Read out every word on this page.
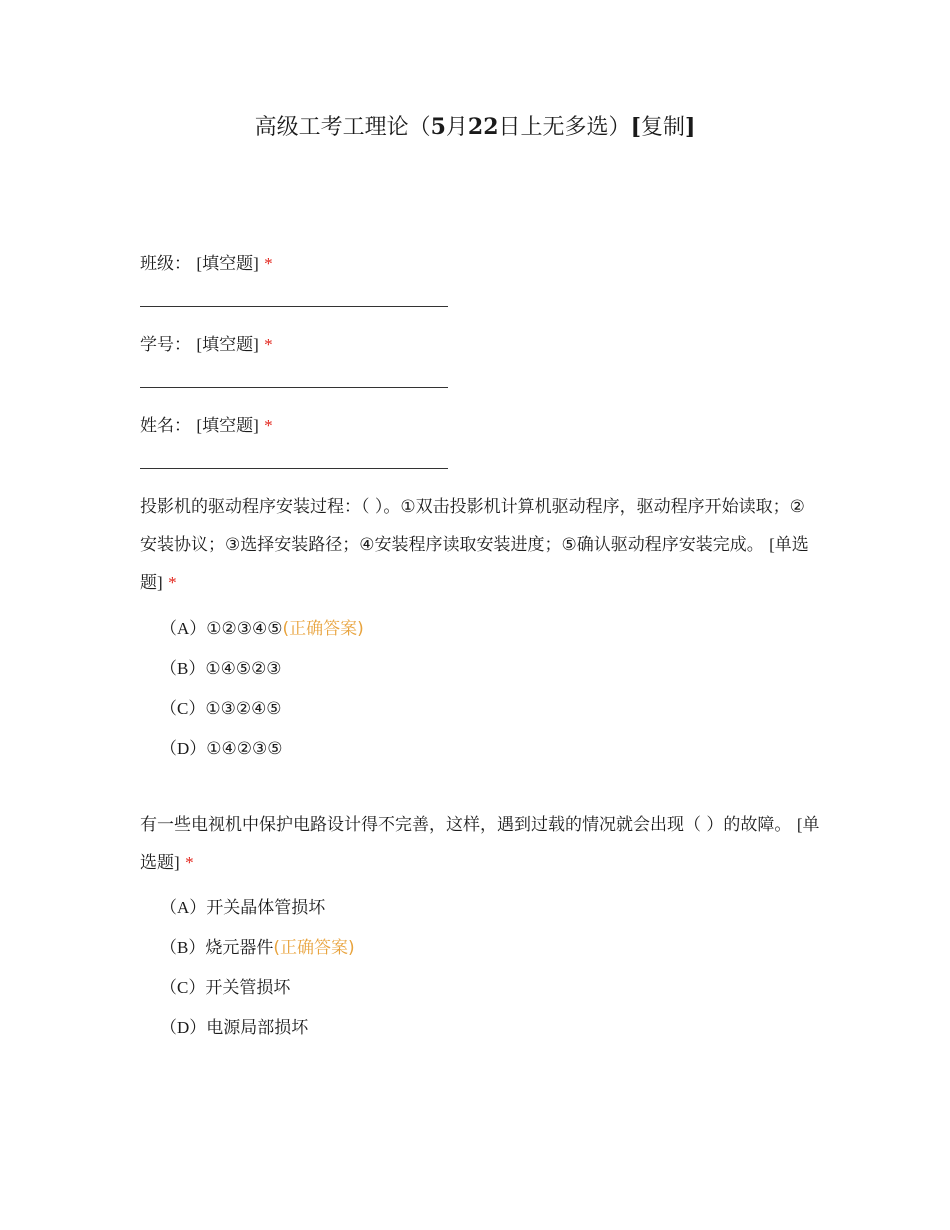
高级工考工理论（5月22日上无多选）[复制]
班级： [填空题] *
学号： [填空题] *
姓名： [填空题] *
投影机的驱动程序安装过程：（ ）。①双击投影机计算机驱动程序，驱动程序开始读取；②安装协议；③选择安装路径；④安装程序读取安装进度；⑤确认驱动程序安装完成。 [单选题] *
（A）①②③④⑤(正确答案)
（B）①④⑤②③
（C）①③②④⑤
（D）①④②③⑤
有一些电视机中保护电路设计得不完善，这样，遇到过载的情况就会出现（ ）的故障。 [单选题] *
（A）开关晶体管损坏
（B）烧元器件(正确答案)
（C）开关管损坏
（D）电源局部损坏
